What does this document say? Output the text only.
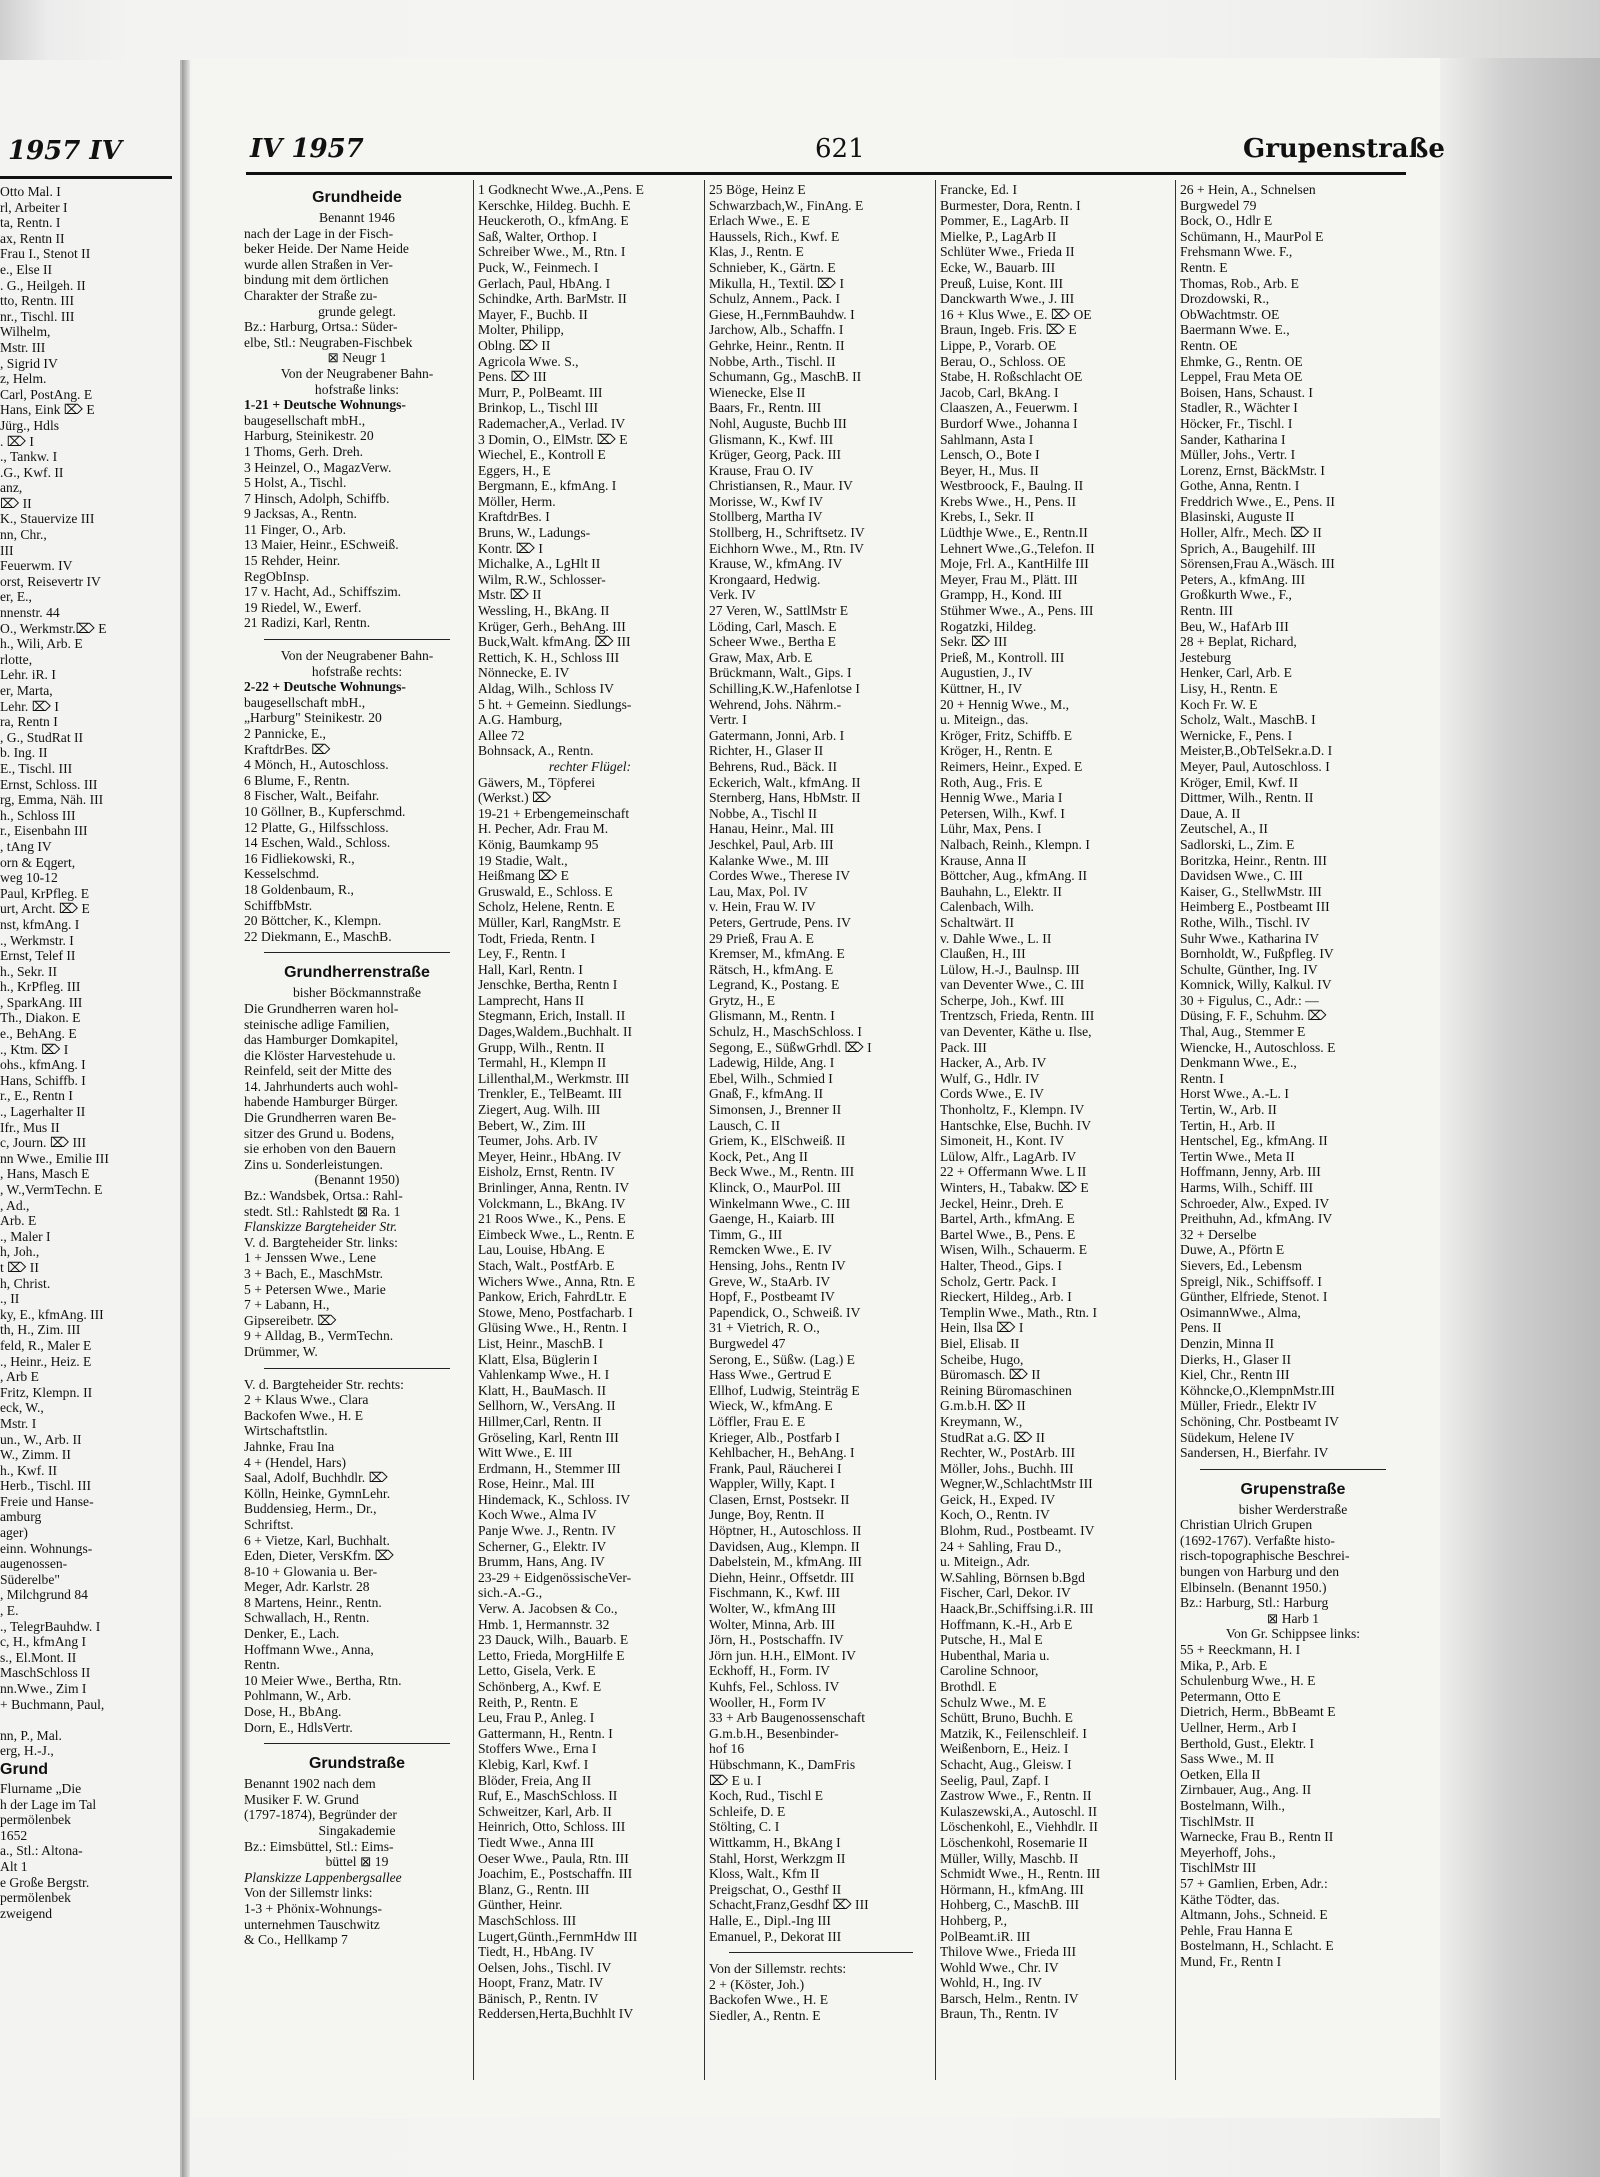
1957 IV
Otto Mal. I
rl, Arbeiter I
ta, Rentn. I
ax, Rentn II
Frau I., Stenot II
e., Else II
. G., Heilgeh. II
tto, Rentn. III
nr., Tischl. III
Wilhelm,
Mstr. III
, Sigrid IV
z, Helm.
Carl, PostAng. E
Hans, Eink ⌦ E
Jürg., Hdls
. ⌦ I
., Tankw. I
.G., Kwf. II
anz,
⌦ II
K., Stauervize III
nn, Chr.,
III
Feuerwm. IV
orst, Reisevertr IV
er, E.,
nnenstr. 44
O., Werkmstr.⌦ E
h., Wili, Arb. E
rlotte,
Lehr. iR. I
er, Marta,
Lehr. ⌦ I
ra, Rentn I
, G., StudRat II
b. Ing. II
E., Tischl. III
Ernst, Schloss. III
rg, Emma, Näh. III
h., Schloss III
r., Eisenbahn III
, tAng IV
orn & Eqgert,
weg 10-12
Paul, KrPfleg. E
urt, Archt. ⌦ E
nst, kfmAng. I
., Werkmstr. I
Ernst, Telef II
h., Sekr. II
h., KrPfleg. III
, SparkAng. III
Th., Diakon. E
e., BehAng. E
., Ktm. ⌦ I
ohs., kfmAng. I
Hans, Schiffb. I
r., E., Rentn I
., Lagerhalter II
Ifr., Mus II
c, Journ. ⌦ III
nn Wwe., Emilie III
, Hans, Masch E
, W.,VermTechn. E
, Ad.,
Arb. E
., Maler I
h, Joh.,
t ⌦ II
h, Christ.
., II
ky, E., kfmAng. III
th, H., Zim. III
feld, R., Maler E
., Heinr., Heiz. E
, Arb E
Fritz, Klempn. II
eck, W.,
Mstr. I
un., W., Arb. II
W., Zimm. II
h., Kwf. II
Herb., Tischl. III
Freie und Hanse-
amburg
ager)
einn. Wohnungs-
augenossen-
Süderelbe"
, Milchgrund 84
, E.
., TelegrBauhdw. I
c, H., kfmAng I
s., El.Mont. II
MaschSchloss II
nn.Wwe., Zim I
+ Buchmann, Paul,
nn, P., Mal.
erg, H.-J.,
Grund
Flurname „Die
h der Lage im Tal
permölenbek
1652
a., Stl.: Altona-
Alt 1
e Große Bergstr.
permölenbek
zweigend
IV 1957	621	Grupenstraße
Grundheide
Benannt 1946
nach der Lage in der Fisch-
beker Heide. Der Name Heide
wurde allen Straßen in Ver-
bindung mit dem örtlichen
Charakter der Straße zu-
grunde gelegt.
Bz.: Harburg, Ortsa.: Süder-
elbe, Stl.: Neugraben-Fischbek
⊠ Neugr 1
Von der Neugrabener Bahn-
hofstraße links:
1-21 + Deutsche Wohnungs-
baugesellschaft mbH.,
Harburg, Steinikestr. 20
1 Thoms, Gerh. Dreh.
3 Heinzel, O., MagazVerw.
5 Holst, A., Tischl.
7 Hinsch, Adolph, Schiffb.
9 Jacksas, A., Rentn.
11 Finger, O., Arb.
13 Maier, Heinr., ESchweiß.
15 Rehder, Heinr.
RegObInsp.
17 v. Hacht, Ad., Schiffszim.
19 Riedel, W., Ewerf.
21 Radizi, Karl, Rentn.
Von der Neugrabener Bahn-
hofstraße rechts:
2-22 + Deutsche Wohnungs-
baugesellschaft mbH.,
„Harburg" Steinikestr. 20
2 Pannicke, E.,
KraftdrBes. ⌦
4 Mönch, H., Autoschloss.
6 Blume, F., Rentn.
8 Fischer, Walt., Beifahr.
10 Göllner, B., Kupferschmd.
12 Platte, G., Hilfsschloss.
14 Eschen, Wald., Schloss.
16 Fidliekowski, R.,
Kesselschmd.
18 Goldenbaum, R.,
SchiffbMstr.
20 Böttcher, K., Klempn.
22 Diekmann, E., MaschB.
Grundherrenstraße
bisher Böckmannstraße
Die Grundherren waren hol-
steinische adlige Familien,
das Hamburger Domkapitel,
die Klöster Harvestehude u.
Reinfeld, seit der Mitte des
14. Jahrhunderts auch wohl-
habende Hamburger Bürger.
Die Grundherren waren Be-
sitzer des Grund u. Bodens,
sie erhoben von den Bauern
Zins u. Sonderleistungen.
(Benannt 1950)
Bz.: Wandsbek, Ortsa.: Rahl-
stedt. Stl.: Rahlstedt ⊠ Ra. 1
Flanskizze Bargteheider Str.
V. d. Bargteheider Str. links:
1 + Jenssen Wwe., Lene
3 + Bach, E., MaschMstr.
5 + Petersen Wwe., Marie
7 + Labann, H.,
Gipsereibetr. ⌦
9 + Alldag, B., VermTechn.
Drümmer, W.
V. d. Bargteheider Str. rechts:
2 + Klaus Wwe., Clara
Backofen Wwe., H. E
Wirtschaftstlin.
Jahnke, Frau Ina
4 + (Hendel, Hars)
Saal, Adolf, Buchhdlr. ⌦
Kölln, Heinke, GymnLehr.
Buddensieg, Herm., Dr.,
Schriftst.
6 + Vietze, Karl, Buchhalt.
Eden, Dieter, VersKfm. ⌦
8-10 + Glowania u. Ber-
Meger, Adr. Karlstr. 28
8 Martens, Heinr., Rentn.
Schwallach, H., Rentn.
Denker, E., Lach.
Hoffmann Wwe., Anna,
Rentn.
10 Meier Wwe., Bertha, Rtn.
Pohlmann, W., Arb.
Dose, H., BbAng.
Dorn, E., HdlsVertr.
Grundstraße
Benannt 1902 nach dem
Musiker F. W. Grund
(1797-1874), Begründer der
Singakademie
Bz.: Eimsbüttel, Stl.: Eims-
büttel ⊠ 19
Planskizze Lappenbergsallee
Von der Sillemstr links:
1-3 + Phönix-Wohnungs-
unternehmen Tauschwitz
& Co., Hellkamp 7
1 Godknecht Wwe.,A.,Pens. E
Kerschke, Hildeg. Buchh. E
Heuckeroth, O., kfmAng. E
Saß, Walter, Orthop. I
Schreiber Wwe., M., Rtn. I
Puck, W., Feinmech. I
Gerlach, Paul, HbAng. I
Schindke, Arth. BarMstr. II
Mayer, F., Buchb. II
Molter, Philipp,
Oblng. ⌦ II
Agricola Wwe. S.,
Pens. ⌦ III
Murr, P., PolBeamt. III
Brinkop, L., Tischl III
Rademacher,A., Verlad. IV
3 Domin, O., ElMstr. ⌦ E
Wiechel, E., Kontroll E
Eggers, H., E
Bergmann, E., kfmAng. I
Möller, Herm.
KraftdrBes. I
Bruns, W., Ladungs-
Kontr. ⌦ I
Michalke, A., LgHlt II
Wilm, R.W., Schlosser-
Mstr. ⌦ II
Wessling, H., BkAng. II
Krüger, Gerh., BehAng. III
Buck,Walt. kfmAng. ⌦ III
Rettich, K. H., Schloss III
Nönnecke, E. IV
Aldag, Wilh., Schloss IV
5 ht. + Gemeinn. Siedlungs-
A.G. Hamburg,
Allee 72
Bohnsack, A., Rentn.
rechter Flügel:
Gäwers, M., Töpferei
(Werkst.) ⌦
19-21 + Erbengemeinschaft
H. Pecher, Adr. Frau M.
König, Baumkamp 95
19 Stadie, Walt.,
Heißmang ⌦ E
Gruswald, E., Schloss. E
Scholz, Helene, Rentn. E
Müller, Karl, RangMstr. E
Todt, Frieda, Rentn. I
Ley, F., Rentn. I
Hall, Karl, Rentn. I
Jenschke, Bertha, Rentn I
Lamprecht, Hans II
Stegmann, Erich, Install. II
Dages,Waldem.,Buchhalt. II
Grupp, Wilh., Rentn. II
Termahl, H., Klempn II
Lillenthal,M., Werkmstr. III
Trenkler, E., TelBeamt. III
Ziegert, Aug. Wilh. III
Bebert, W., Zim. III
Teumer, Johs. Arb. IV
Meyer, Heinr., HbAng. IV
Eisholz, Ernst, Rentn. IV
Brinlinger, Anna, Rentn. IV
Volckmann, L., BkAng. IV
21 Roos Wwe., K., Pens. E
Eimbeck Wwe., L., Rentn. E
Lau, Louise, HbAng. E
Stach, Walt., PostfArb. E
Wichers Wwe., Anna, Rtn. E
Pankow, Erich, FahrdLtr. E
Stowe, Meno, Postfacharb. I
Glüsing Wwe., H., Rentn. I
List, Heinr., MaschB. I
Klatt, Elsa, Büglerin I
Vahlenkamp Wwe., H. I
Klatt, H., BauMasch. II
Sellhorn, W., VersAng. II
Hillmer,Carl, Rentn. II
Gröseling, Karl, Rentn III
Witt Wwe., E. III
Erdmann, H., Stemmer III
Rose, Heinr., Mal. III
Hindemack, K., Schloss. IV
Koch Wwe., Alma IV
Panje Wwe. J., Rentn. IV
Scherner, G., Elektr. IV
Brumm, Hans, Ang. IV
23-29 + EidgenössischeVer-
sich.-A.-G.,
Verw. A. Jacobsen & Co.,
Hmb. 1, Hermannstr. 32
23 Dauck, Wilh., Bauarb. E
Letto, Frieda, MorgHilfe E
Letto, Gisela, Verk. E
Schönberg, A., Kwf. E
Reith, P., Rentn. E
Leu, Frau P., Anleg. I
Gattermann, H., Rentn. I
Stoffers Wwe., Erna I
Klebig, Karl, Kwf. I
Blöder, Freia, Ang II
Ruf, E., MaschSchloss. II
Schweitzer, Karl, Arb. II
Heinrich, Otto, Schloss. III
Tiedt Wwe., Anna III
Oeser Wwe., Paula, Rtn. III
Joachim, E., Postschaffn. III
Blanz, G., Rentn. III
Günther, Heinr.
MaschSchloss. III
Lugert,Günth.,FernmHdw III
Tiedt, H., HbAng. IV
Oelsen, Johs., Tischl. IV
Hoopt, Franz, Matr. IV
Bänisch, P., Rentn. IV
Reddersen,Herta,Buchhlt IV
25 Böge, Heinz E
Schwarzbach,W., FinAng. E
Erlach Wwe., E. E
Haussels, Rich., Kwf. E
Klas, J., Rentn. E
Schnieber, K., Gärtn. E
Mikulla, H., Textil. ⌦ I
Schulz, Annem., Pack. I
Giese, H.,FernmBauhdw. I
Jarchow, Alb., Schaffn. I
Gehrke, Heinr., Rentn. II
Nobbe, Arth., Tischl. II
Schumann, Gg., MaschB. II
Wienecke, Else II
Baars, Fr., Rentn. III
Nohl, Auguste, Buchb III
Glismann, K., Kwf. III
Krüger, Georg, Pack. III
Krause, Frau O. IV
Christiansen, R., Maur. IV
Morisse, W., Kwf IV
Stollberg, Martha IV
Stollberg, H., Schriftsetz. IV
Eichhorn Wwe., M., Rtn. IV
Krause, W., kfmAng. IV
Krongaard, Hedwig.
Verk. IV
27 Veren, W., SattlMstr E
Löding, Carl, Masch. E
Scheer Wwe., Bertha E
Graw, Max, Arb. E
Brückmann, Walt., Gips. I
Schilling,K.W.,Hafenlotse I
Wehrend, Johs. Nährm.-
Vertr. I
Gatermann, Jonni, Arb. I
Richter, H., Glaser II
Behrens, Rud., Bäck. II
Eckerich, Walt., kfmAng. II
Sternberg, Hans, HbMstr. II
Nobbe, A., Tischl II
Hanau, Heinr., Mal. III
Jeschkel, Paul, Arb. III
Kalanke Wwe., M. III
Cordes Wwe., Therese IV
Lau, Max, Pol. IV
v. Hein, Frau W. IV
Peters, Gertrude, Pens. IV
29 Prieß, Frau A. E
Kremser, M., kfmAng. E
Rätsch, H., kfmAng. E
Legrand, K., Postang. E
Grytz, H., E
Glismann, M., Rentn. I
Schulz, H., MaschSchloss. I
Segong, E., SüßwGrhdl. ⌦ I
Ladewig, Hilde, Ang. I
Ebel, Wilh., Schmied I
Gnaß, F., kfmAng. II
Simonsen, J., Brenner II
Lausch, C. II
Griem, K., ElSchweiß. II
Kock, Pet., Ang II
Beck Wwe., M., Rentn. III
Klinck, O., MaurPol. III
Winkelmann Wwe., C. III
Gaenge, H., Kaiarb. III
Timm, G., III
Remcken Wwe., E. IV
Hensing, Johs., Rentn IV
Greve, W., StaArb. IV
Hopf, F., Postbeamt IV
Papendick, O., Schweiß. IV
31 + Vietrich, R. O.,
Burgwedel 47
Serong, E., Süßw. (Lag.) E
Hass Wwe., Gertrud E
Ellhof, Ludwig, Steinträg E
Wieck, W., kfmAng. E
Löffler, Frau E. E
Krieger, Alb., Postfarb I
Kehlbacher, H., BehAng. I
Frank, Paul, Räucherei I
Wappler, Willy, Kapt. I
Clasen, Ernst, Postsekr. II
Junge, Boy, Rentn. II
Höptner, H., Autoschloss. II
Davidsen, Aug., Klempn. II
Dabelstein, M., kfmAng. III
Diehn, Heinr., Offsetdr. III
Fischmann, K., Kwf. III
Wolter, W., kfmAng III
Wolter, Minna, Arb. III
Jörn, H., Postschaffn. IV
Jörn jun. H.H., ElMont. IV
Eckhoff, H., Form. IV
Kuhfs, Fel., Schloss. IV
Wooller, H., Form IV
33 + Arb Baugenossenschaft
G.m.b.H., Besenbinder-
hof 16
Hübschmann, K., DamFris
⌦ E u. I
Koch, Rud., Tischl E
Schleife, D. E
Stölting, C. I
Wittkamm, H., BkAng I
Stahl, Horst, Werkzgm II
Kloss, Walt., Kfm II
Preigschat, O., Gesthf II
Schacht,Franz,Gesdhf ⌦ III
Halle, E., Dipl.-Ing III
Emanuel, P., Dekorat III
Von der Sillemstr. rechts:
2 + (Köster, Joh.)
Backofen Wwe., H. E
Siedler, A., Rentn. E
Francke, Ed. I
Burmester, Dora, Rentn. I
Pommer, E., LagArb. II
Mielke, P., LagArb II
Schlüter Wwe., Frieda II
Ecke, W., Bauarb. III
Preuß, Luise, Kont. III
Danckwarth Wwe., J. III
16 + Klus Wwe., E. ⌦ OE
Braun, Ingeb. Fris. ⌦ E
Lippe, P., Vorarb. OE
Berau, O., Schloss. OE
Stabe, H. Roßschlacht OE
Jacob, Carl, BkAng. I
Claaszen, A., Feuerwm. I
Burdorf Wwe., Johanna I
Sahlmann, Asta I
Lensch, O., Bote I
Beyer, H., Mus. II
Westbroock, F., Baulng. II
Krebs Wwe., H., Pens. II
Krebs, I., Sekr. II
Lüdthje Wwe., E., Rentn.II
Lehnert Wwe.,G.,Telefon. II
Moje, Frl. A., KantHilfe III
Meyer, Frau M., Plätt. III
Grampp, H., Kond. III
Stühmer Wwe., A., Pens. III
Rogatzki, Hildeg.
Sekr. ⌦ III
Prieß, M., Kontroll. III
Augustien, J., IV
Küttner, H., IV
20 + Hennig Wwe., M.,
u. Miteign., das.
Kröger, Fritz, Schiffb. E
Kröger, H., Rentn. E
Reimers, Heinr., Exped. E
Roth, Aug., Fris. E
Hennig Wwe., Maria I
Petersen, Wilh., Kwf. I
Lühr, Max, Pens. I
Nalbach, Reinh., Klempn. I
Krause, Anna II
Böttcher, Aug., kfmAng. II
Bauhahn, L., Elektr. II
Calenbach, Wilh.
Schaltwärt. II
v. Dahle Wwe., L. II
Claußen, H., III
Lülow, H.-J., Baulnsp. III
van Deventer Wwe., C. III
Scherpe, Joh., Kwf. III
Trentzsch, Frieda, Rentn. III
van Deventer, Käthe u. Ilse,
Pack. III
Hacker, A., Arb. IV
Wulf, G., Hdlr. IV
Cords Wwe., E. IV
Thonholtz, F., Klempn. IV
Hantschke, Else, Buchh. IV
Simoneit, H., Kont. IV
Lülow, Alfr., LagArb. IV
22 + Offermann Wwe. L II
Winters, H., Tabakw. ⌦ E
Jeckel, Heinr., Dreh. E
Bartel, Arth., kfmAng. E
Bartel Wwe., B., Pens. E
Wisen, Wilh., Schauerm. E
Halter, Theod., Gips. I
Scholz, Gertr. Pack. I
Rieckert, Hildeg., Arb. I
Templin Wwe., Math., Rtn. I
Hein, Ilsa ⌦ I
Biel, Elisab. II
Scheibe, Hugo,
Büromasch. ⌦ II
Reining Büromaschinen
G.m.b.H. ⌦ II
Kreymann, W.,
StudRat a.G. ⌦ II
Rechter, W., PostArb. III
Möller, Johs., Buchh. III
Wegner,W.,SchlachtMstr III
Geick, H., Exped. IV
Koch, O., Rentn. IV
Blohm, Rud., Postbeamt. IV
24 + Sahling, Frau D.,
u. Miteign., Adr.
W.Sahling, Börnsen b.Bgd
Fischer, Carl, Dekor. IV
Haack,Br.,Schiffsing.i.R. III
Hoffmann, K.-H., Arb E
Putsche, H., Mal E
Hubenthal, Maria u.
Caroline Schnoor,
Brothdl. E
Schulz Wwe., M. E
Schütt, Bruno, Buchh. E
Matzik, K., Feilenschleif. I
Weißenborn, E., Heiz. I
Schacht, Aug., Gleisw. I
Seelig, Paul, Zapf. I
Zastrow Wwe., F., Rentn. II
Kulaszewski,A., Autoschl. II
Löschenkohl, E., Viehhdlr. II
Löschenkohl, Rosemarie II
Müller, Willy, Maschb. II
Schmidt Wwe., H., Rentn. III
Hörmann, H., kfmAng. III
Hohberg, C., MaschB. III
Hohberg, P.,
PolBeamt.iR. III
Thilove Wwe., Frieda III
Wohld Wwe., Chr. IV
Wohld, H., Ing. IV
Barsch, Helm., Rentn. IV
Braun, Th., Rentn. IV
26 + Hein, A., Schnelsen
Burgwedel 79
Bock, O., Hdlr E
Schümann, H., MaurPol E
Frehsmann Wwe. F.,
Rentn. E
Thomas, Rob., Arb. E
Drozdowski, R.,
ObWachtmstr. OE
Baermann Wwe. E.,
Rentn. OE
Ehmke, G., Rentn. OE
Leppel, Frau Meta OE
Boisen, Hans, Schaust. I
Stadler, R., Wächter I
Höcker, Fr., Tischl. I
Sander, Katharina I
Müller, Johs., Vertr. I
Lorenz, Ernst, BäckMstr. I
Gothe, Anna, Rentn. I
Freddrich Wwe., E., Pens. II
Blasinski, Auguste II
Holler, Alfr., Mech. ⌦ II
Sprich, A., Baugehilf. III
Sörensen,Frau A.,Wäsch. III
Peters, A., kfmAng. III
Großkurth Wwe., F.,
Rentn. III
Beu, W., HafArb III
28 + Beplat, Richard,
Jesteburg
Henker, Carl, Arb. E
Lisy, H., Rentn. E
Koch Fr. W. E
Scholz, Walt., MaschB. I
Wernicke, F., Pens. I
Meister,B.,ObTelSekr.a.D. I
Meyer, Paul, Autoschloss. I
Kröger, Emil, Kwf. II
Dittmer, Wilh., Rentn. II
Daue, A. II
Zeutschel, A., II
Sadlorski, L., Zim. E
Boritzka, Heinr., Rentn. III
Davidsen Wwe., C. III
Kaiser, G., StellwMstr. III
Heimberg E., Postbeamt III
Rothe, Wilh., Tischl. IV
Suhr Wwe., Katharina IV
Bornholdt, W., Fußpfleg. IV
Schulte, Günther, Ing. IV
Komnick, Willy, Kalkul. IV
30 + Figulus, C., Adr.: —
Düsing, F. F., Schuhm. ⌦
Thal, Aug., Stemmer E
Wiencke, H., Autoschloss. E
Denkmann Wwe., E.,
Rentn. I
Horst Wwe., A.-L. I
Tertin, W., Arb. II
Tertin, H., Arb. II
Hentschel, Eg., kfmAng. II
Tertin Wwe., Meta II
Hoffmann, Jenny, Arb. III
Harms, Wilh., Schiff. III
Schroeder, Alw., Exped. IV
Preithuhn, Ad., kfmAng. IV
32 + Derselbe
Duwe, A., Pförtn E
Sievers, Ed., Lebensm
Spreigl, Nik., Schiffsoff. I
Günther, Elfriede, Stenot. I
OsimannWwe., Alma,
Pens. II
Denzin, Minna II
Dierks, H., Glaser II
Kiel, Chr., Rentn III
Köhncke,O.,KlempnMstr.III
Müller, Friedr., Elektr IV
Schöning, Chr. Postbeamt IV
Südekum, Helene IV
Sandersen, H., Bierfahr. IV
Grupenstraße
bisher Werderstraße
Christian Ulrich Grupen
(1692-1767). Verfaßte histo-
risch-topographische Beschrei-
bungen von Harburg und den
Elbinseln. (Benannt 1950.)
Bz.: Harburg, Stl.: Harburg
⊠ Harb 1
Von Gr. Schippsee links:
55 + Reeckmann, H. I
Mika, P., Arb. E
Schulenburg Wwe., H. E
Petermann, Otto E
Dietrich, Herm., BbBeamt E
Uellner, Herm., Arb I
Berthold, Gust., Elektr. I
Sass Wwe., M. II
Oetken, Ella II
Zirnbauer, Aug., Ang. II
Bostelmann, Wilh.,
TischlMstr. II
Warnecke, Frau B., Rentn II
Meyerhoff, Johs.,
TischlMstr III
57 + Gamlien, Erben, Adr.:
Käthe Tödter, das.
Altmann, Johs., Schneid. E
Pehle, Frau Hanna E
Bostelmann, H., Schlacht. E
Mund, Fr., Rentn I
